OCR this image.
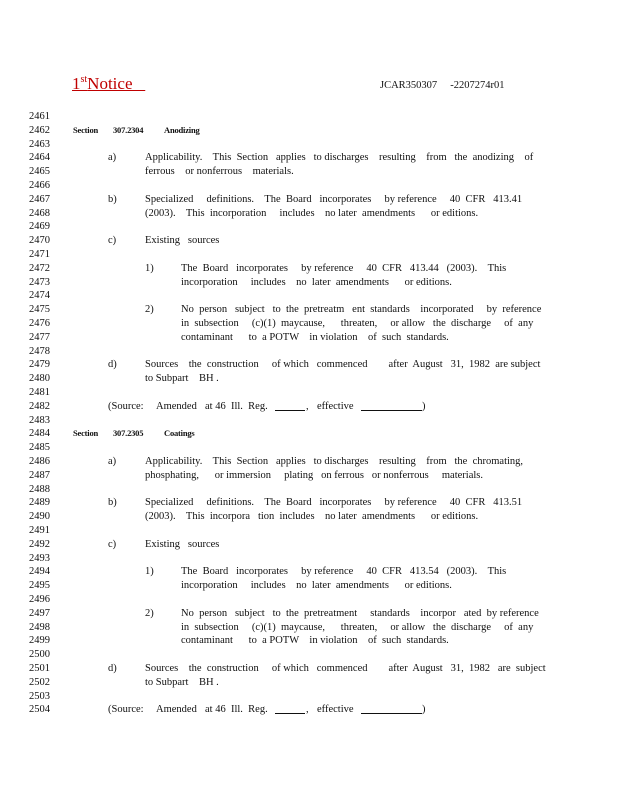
1stNotice	JCAR350307     -2207274r01
2461
2462	Section 307.2304 Anodizing
2463
2464	a)	Applicability.    This  Section   applies   to discharges    resulting    from   the  anodizing    of
2465	ferrous    or nonferrous    materials.
2466
2467	b)	Specialized     definitions.    The  Board   incorporates     by reference     40  CFR   413.41
2468	(2003).    This  incorporation     includes    no later  amendments      or editions.
2469
2470	c)	Existing   sources
2471
2472	1)	The  Board   incorporates     by reference     40  CFR   413.44   (2003).    This
2473	incorporation     includes    no  later  amendments      or editions.
2474
2475	2)	No  person   subject   to  the  pretreatm   ent  standards    incorporated     by  reference
2476	in  subsection     (c)(1)  maycause,      threaten,     or allow   the  discharge     of  any
2477	contaminant      to  a POTW    in violation    of  such  standards.
2478
2479	d)	Sources    the  construction     of which   commenced        after  August   31,  1982  are subject
2480	to Subpart    BH .
2481
2482	(Source: Amended at 46  Ill.  Reg.	, effective	)
2483
2484	Section 307.2305 Coatings
2485
2486	a)	Applicability.    This  Section   applies   to discharges    resulting    from   the  chromating,
2487	phosphating,      or immersion     plating   on ferrous   or nonferrous     materials.
2488
2489	b)	Specialized     definitions.    The  Board   incorporates     by reference     40  CFR   413.51
2490	(2003).    This  incorpora   tion  includes    no later  amendments      or editions.
2491
2492	c)	Existing   sources
2493
2494	1)	The  Board   incorporates     by reference     40  CFR   413.54   (2003).    This
2495	incorporation     includes    no  later  amendments      or editions.
2496
2497	2)	No  person   subject   to  the  pretreatment     standards    incorpor   ated  by reference
2498	in  subsection     (c)(1)  maycause,      threaten,     or allow   the  discharge     of  any
2499	contaminant      to  a POTW    in violation    of  such  standards.
2500
2501	d)	Sources    the  construction     of which   commenced        after  August   31,  1982   are  subject
2502	to Subpart    BH .
2503
2504	(Source: Amended at 46  Ill.  Reg.	, effective	)
